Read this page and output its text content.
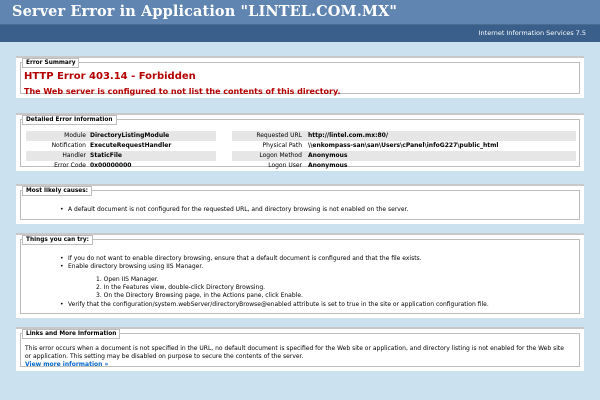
Server Error in Application "LINTEL.COM.MX"
Internet Information Services 7.5
Error Summary

HTTP Error 403.14 - Forbidden

The Web server is configured to not list the contents of this directory.

Detailed Error Information
Module DirectoryListingModule
Notification ExecuteRequestHandler
Handler StaticFile
Error Code 0x00000000
Requested URL http://lintel.com.mx:80/
Physical Path \\enkompass-san\san\Users\cPanel\infoG227\public_html
Logon Method Anonymous
Logon User Anonymous
Most likely causes:
• A default document is not configured for the requested URL, and directory browsing is not enabled on the server.
Things you can try:
• If you do not want to enable directory browsing, ensure that a default document is configured and that the file exists.
• Enable directory browsing using IIS Manager.
1. Open IIS Manager.
2. In the Features view, double-click Directory Browsing.
3. On the Directory Browsing page, in the Actions pane, click Enable.
• Verify that the configuration/system.webServer/directoryBrowse@enabled attribute is set to true in the site or application configuration file.
Links and More Information
This error occurs when a document is not specified in the URL, no default document is specified for the Web site or application, and directory listing is not enabled for the Web site or application. This setting may be disabled on purpose to secure the contents of the server.
View more information »
